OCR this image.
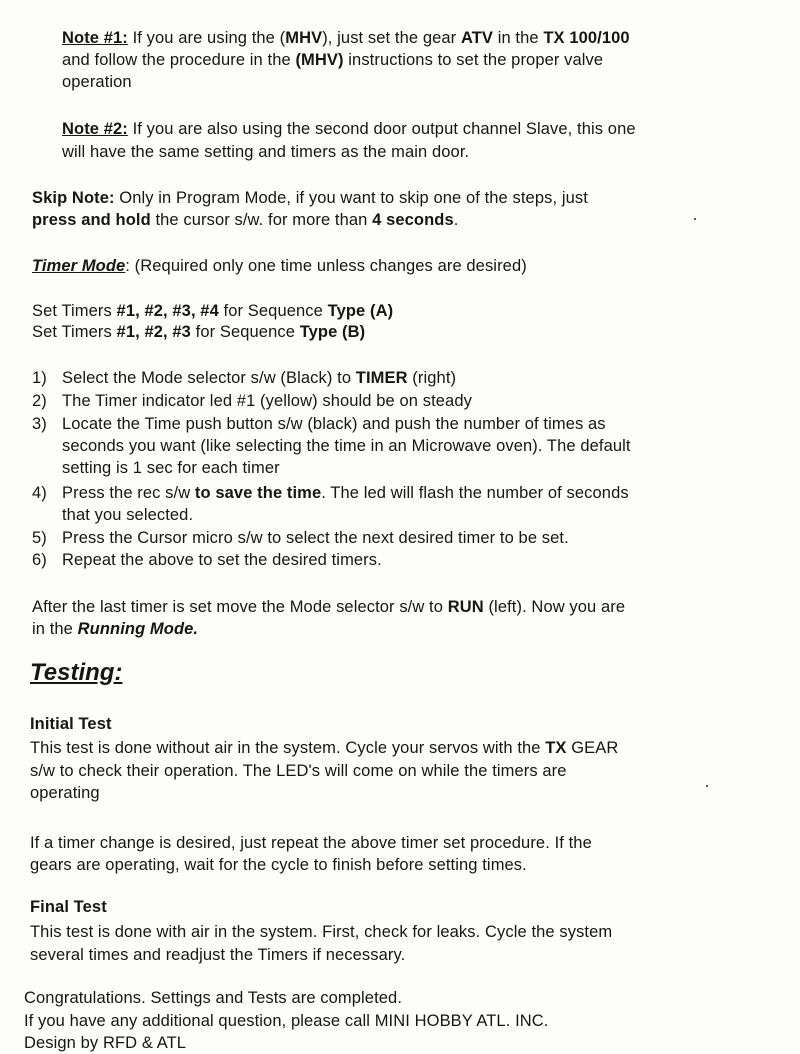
Note #1: If you are using the (MHV), just set the gear ATV in the TX 100/100
and follow the procedure in the (MHV) instructions to set the proper valve
operation
Note #2: If you are also using the second door output channel Slave, this one
will have the same setting and timers as the main door.
Skip Note: Only in Program Mode, if you want to skip one of the steps, just
press and hold the cursor s/w. for more than 4 seconds.
Timer Mode: (Required only one time unless changes are desired)
Set Timers #1, #2, #3, #4 for Sequence Type (A)
Set Timers #1, #2, #3 for Sequence Type (B)
1) Select the Mode selector s/w (Black) to TIMER (right)
2) The Timer indicator led #1 (yellow) should be on steady
3) Locate the Time push button s/w (black) and push the number of times as
seconds you want (like selecting the time in an Microwave oven). The default
setting is 1 sec for each timer
4) Press the rec s/w to save the time. The led will flash the number of seconds
that you selected.
5) Press the Cursor micro s/w to select the next desired timer to be set.
6) Repeat the above to set the desired timers.
After the last timer is set move the Mode selector s/w to RUN (left). Now you are
in the Running Mode.
Testing:
Initial Test
This test is done without air in the system. Cycle your servos with the TX GEAR
s/w to check their operation. The LED's will come on while the timers are
operating
If a timer change is desired, just repeat the above timer set procedure. If the
gears are operating, wait for the cycle to finish before setting times.
Final Test
This test is done with air in the system. First, check for leaks. Cycle the system
several times and readjust the Timers if necessary.
Congratulations. Settings and Tests are completed.
If you have any additional question, please call MINI HOBBY ATL. INC.
Design by RFD & ATL
